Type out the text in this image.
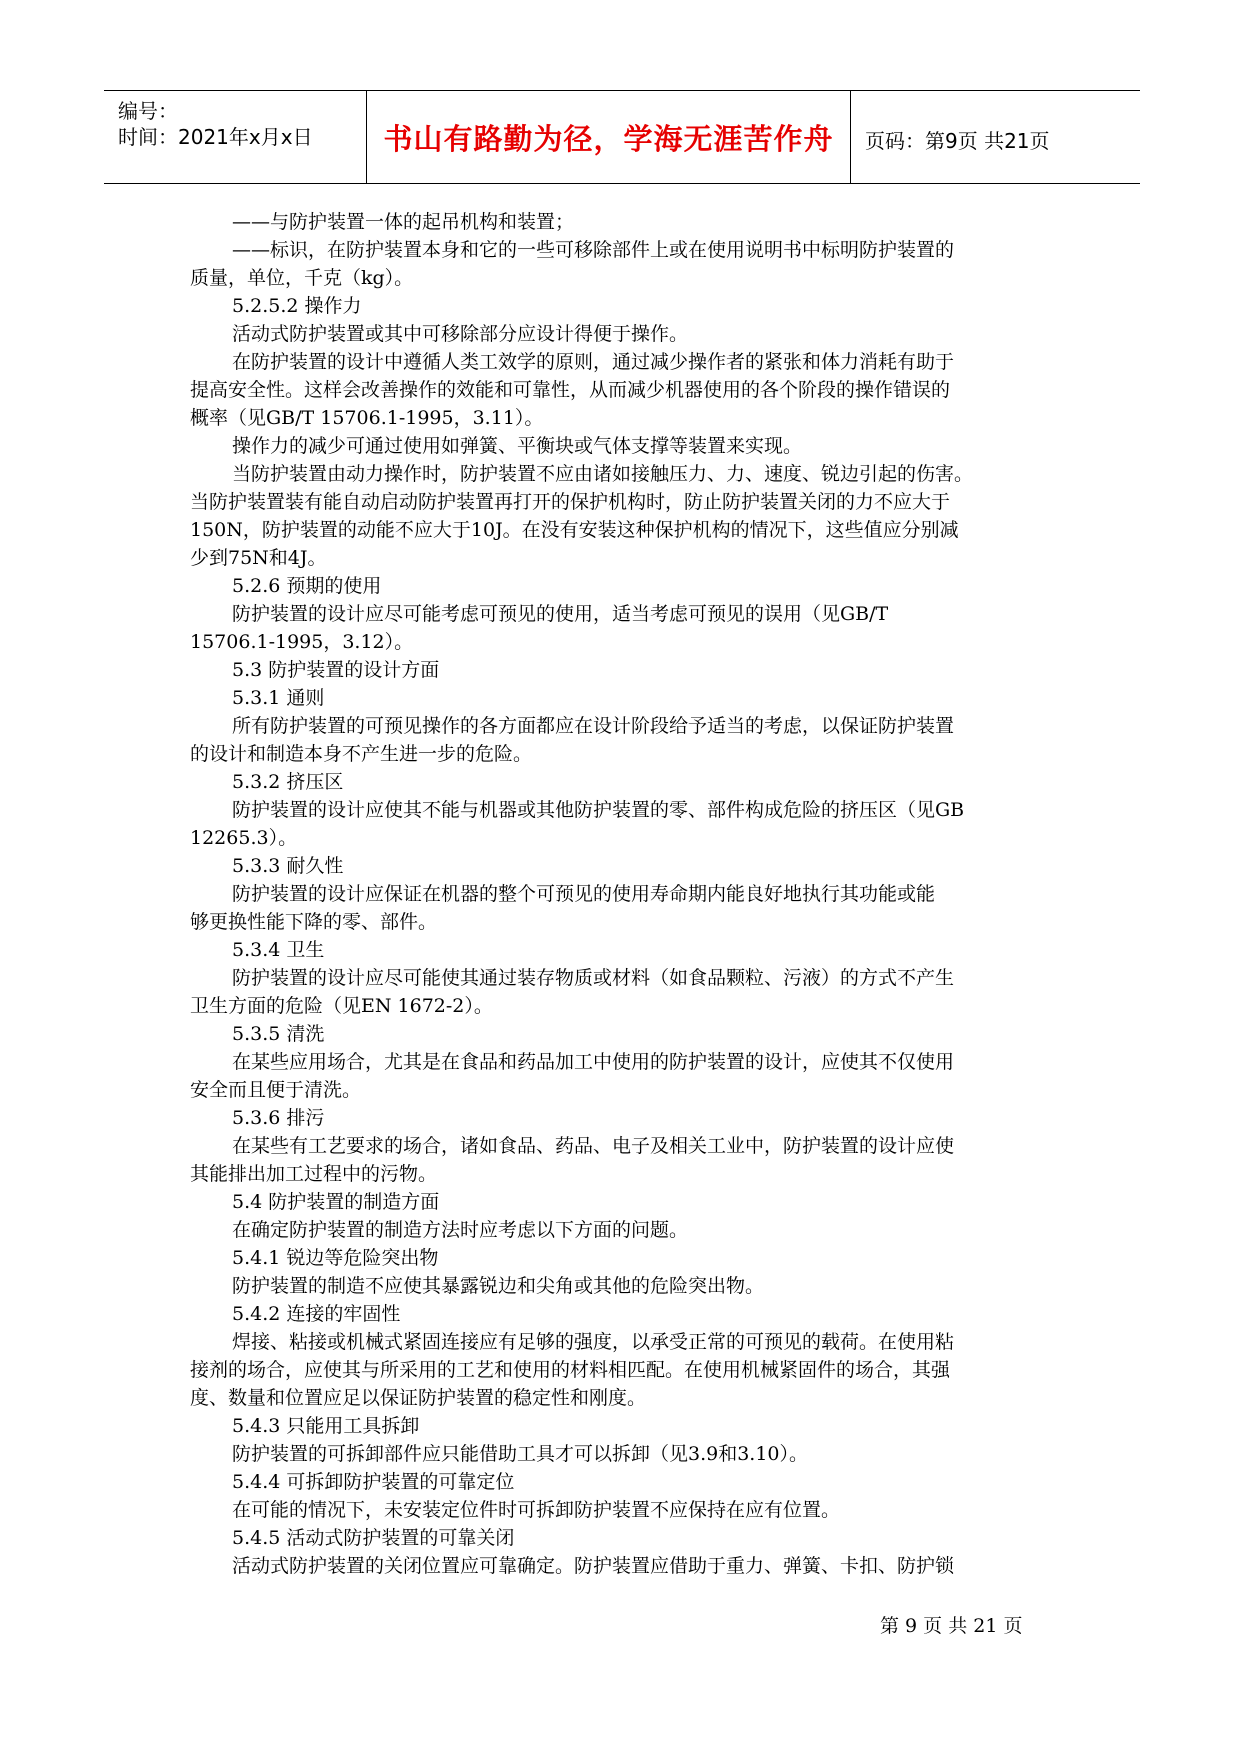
编号：
时间：2021年x月x日	书山有路勤为径，学海无涯苦作舟	页码：第9页 共21页
——与防护装置一体的起吊机构和装置；
——标识，在防护装置本身和它的一些可移除部件上或在使用说明书中标明防护装置的
质量，单位，千克（kg）。
5.2.5.2 操作力
活动式防护装置或其中可移除部分应设计得便于操作。
在防护装置的设计中遵循人类工效学的原则，通过减少操作者的紧张和体力消耗有助于
提高安全性。这样会改善操作的效能和可靠性，从而减少机器使用的各个阶段的操作错误的
概率（见GB/T 15706.1-1995，3.11）。
操作力的减少可通过使用如弹簧、平衡块或气体支撑等装置来实现。
当防护装置由动力操作时，防护装置不应由诸如接触压力、力、速度、锐边引起的伤害。
当防护装置装有能自动启动防护装置再打开的保护机构时，防止防护装置关闭的力不应大于
150N，防护装置的动能不应大于10J。在没有安装这种保护机构的情况下，这些值应分别减
少到75N和4J。
5.2.6 预期的使用
防护装置的设计应尽可能考虑可预见的使用，适当考虑可预见的误用（见GB/T
15706.1-1995，3.12）。
5.3 防护装置的设计方面
5.3.1 通则
所有防护装置的可预见操作的各方面都应在设计阶段给予适当的考虑，以保证防护装置
的设计和制造本身不产生进一步的危险。
5.3.2 挤压区
防护装置的设计应使其不能与机器或其他防护装置的零、部件构成危险的挤压区（见GB
12265.3）。
5.3.3 耐久性
防护装置的设计应保证在机器的整个可预见的使用寿命期内能良好地执行其功能或能
够更换性能下降的零、部件。
5.3.4 卫生
防护装置的设计应尽可能使其通过装存物质或材料（如食品颗粒、污液）的方式不产生
卫生方面的危险（见EN 1672-2）。
5.3.5 清洗
在某些应用场合，尤其是在食品和药品加工中使用的防护装置的设计，应使其不仅使用
安全而且便于清洗。
5.3.6 排污
在某些有工艺要求的场合，诸如食品、药品、电子及相关工业中，防护装置的设计应使
其能排出加工过程中的污物。
5.4 防护装置的制造方面
在确定防护装置的制造方法时应考虑以下方面的问题。
5.4.1 锐边等危险突出物
防护装置的制造不应使其暴露锐边和尖角或其他的危险突出物。
5.4.2 连接的牢固性
焊接、粘接或机械式紧固连接应有足够的强度，以承受正常的可预见的载荷。在使用粘
接剂的场合，应使其与所采用的工艺和使用的材料相匹配。在使用机械紧固件的场合，其强
度、数量和位置应足以保证防护装置的稳定性和刚度。
5.4.3 只能用工具拆卸
防护装置的可拆卸部件应只能借助工具才可以拆卸（见3.9和3.10）。
5.4.4 可拆卸防护装置的可靠定位
在可能的情况下，未安装定位件时可拆卸防护装置不应保持在应有位置。
5.4.5 活动式防护装置的可靠关闭
活动式防护装置的关闭位置应可靠确定。防护装置应借助于重力、弹簧、卡扣、防护锁
第 9 页 共 21 页
